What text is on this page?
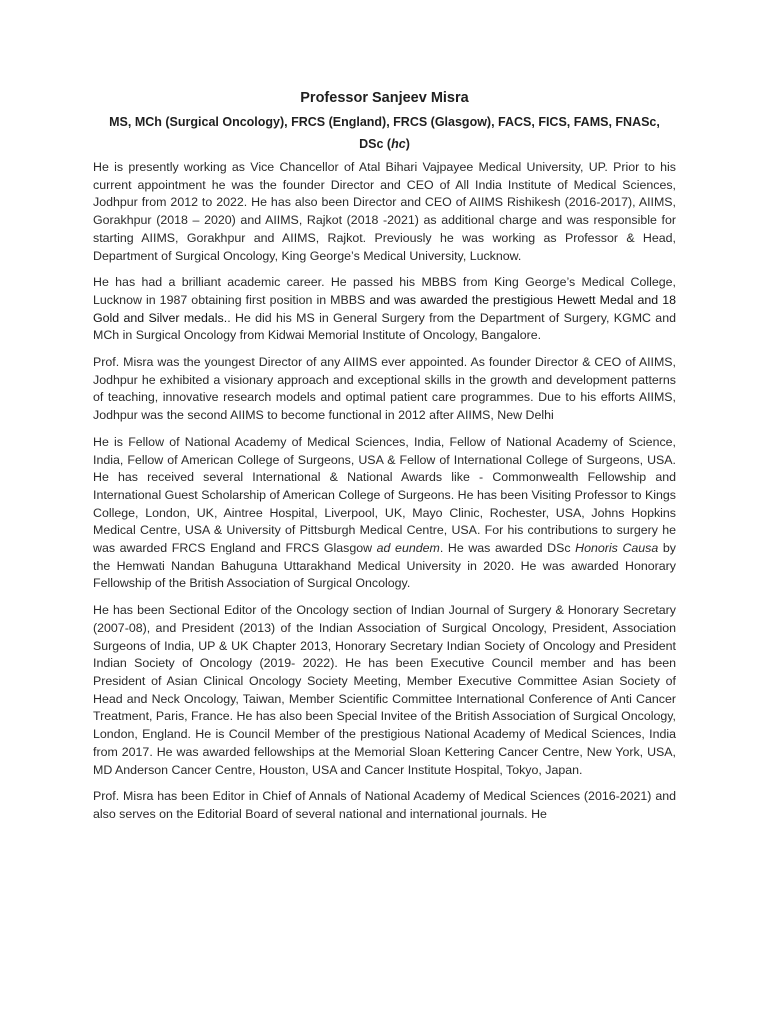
Professor Sanjeev Misra

MS, MCh (Surgical Oncology), FRCS (England), FRCS (Glasgow), FACS, FICS, FAMS, FNASc,

DSc (hc)

He is presently working as Vice Chancellor of Atal Bihari Vajpayee Medical University, UP. Prior to his current appointment he was the founder Director and CEO of All India Institute of Medical Sciences, Jodhpur from 2012 to 2022. He has also been Director and CEO of AIIMS Rishikesh (2016-2017), AIIMS, Gorakhpur (2018 – 2020) and AIIMS, Rajkot (2018 -2021) as additional charge and was responsible for starting AIIMS, Gorakhpur and AIIMS, Rajkot. Previously he was working as Professor & Head, Department of Surgical Oncology, King George’s Medical University, Lucknow.

He has had a brilliant academic career. He passed his MBBS from King George’s Medical College, Lucknow in 1987 obtaining first position in MBBS and was awarded the prestigious Hewett Medal and 18 Gold and Silver medals.. He did his MS in General Surgery from the Department of Surgery, KGMC and MCh in Surgical Oncology from Kidwai Memorial Institute of Oncology, Bangalore.

Prof. Misra was the youngest Director of any AIIMS ever appointed. As founder Director & CEO of AIIMS, Jodhpur he exhibited a visionary approach and exceptional skills in the growth and development patterns of teaching, innovative research models and optimal patient care programmes. Due to his efforts AIIMS, Jodhpur was the second AIIMS to become functional in 2012 after AIIMS, New Delhi

He is Fellow of National Academy of Medical Sciences, India, Fellow of National Academy of Science, India, Fellow of American College of Surgeons, USA & Fellow of International College of Surgeons, USA. He has received several International & National Awards like - Commonwealth Fellowship and International Guest Scholarship of American College of Surgeons. He has been Visiting Professor to Kings College, London, UK, Aintree Hospital, Liverpool, UK, Mayo Clinic, Rochester, USA, Johns Hopkins Medical Centre, USA & University of Pittsburgh Medical Centre, USA. For his contributions to surgery he was awarded FRCS England and FRCS Glasgow ad eundem. He was awarded DSc Honoris Causa by the Hemwati Nandan Bahuguna Uttarakhand Medical University in 2020. He was awarded Honorary Fellowship of the British Association of Surgical Oncology.

He has been Sectional Editor of the Oncology section of Indian Journal of Surgery & Honorary Secretary (2007-08), and President (2013) of the Indian Association of Surgical Oncology, President, Association Surgeons of India, UP & UK Chapter 2013, Honorary Secretary Indian Society of Oncology and President Indian Society of Oncology (2019- 2022). He has been Executive Council member and has been President of Asian Clinical Oncology Society Meeting, Member Executive Committee Asian Society of Head and Neck Oncology, Taiwan, Member Scientific Committee International Conference of Anti Cancer Treatment, Paris, France. He has also been Special Invitee of the British Association of Surgical Oncology, London, England. He is Council Member of the prestigious National Academy of Medical Sciences, India from 2017. He was awarded fellowships at the Memorial Sloan Kettering Cancer Centre, New York, USA, MD Anderson Cancer Centre, Houston, USA and Cancer Institute Hospital, Tokyo, Japan.

Prof. Misra has been Editor in Chief of Annals of National Academy of Medical Sciences (2016-2021) and also serves on the Editorial Board of several national and international journals. He
